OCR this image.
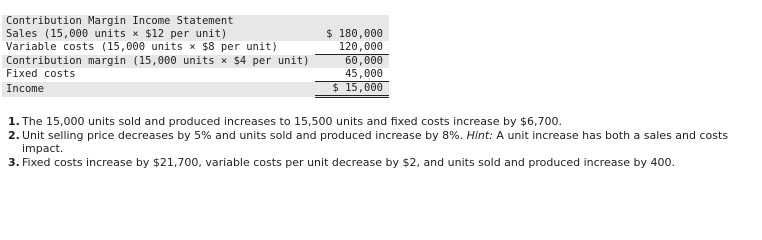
Contribution Margin Income Statement	
Sales (15,000 units × $12 per unit)	$ 180,000
Variable costs (15,000 units × $8 per unit)	120,000
Contribution margin (15,000 units × $4 per unit)	60,000
Fixed costs	45,000
Income	$ 15,000
1. The 15,000 units sold and produced increases to 15,500 units and fixed costs increase by $6,700.
2. Unit selling price decreases by 5% and units sold and produced increase by 8%. Hint: A unit increase has both a sales and costs impact.
3. Fixed costs increase by $21,700, variable costs per unit decrease by $2, and units sold and produced increase by 400.
